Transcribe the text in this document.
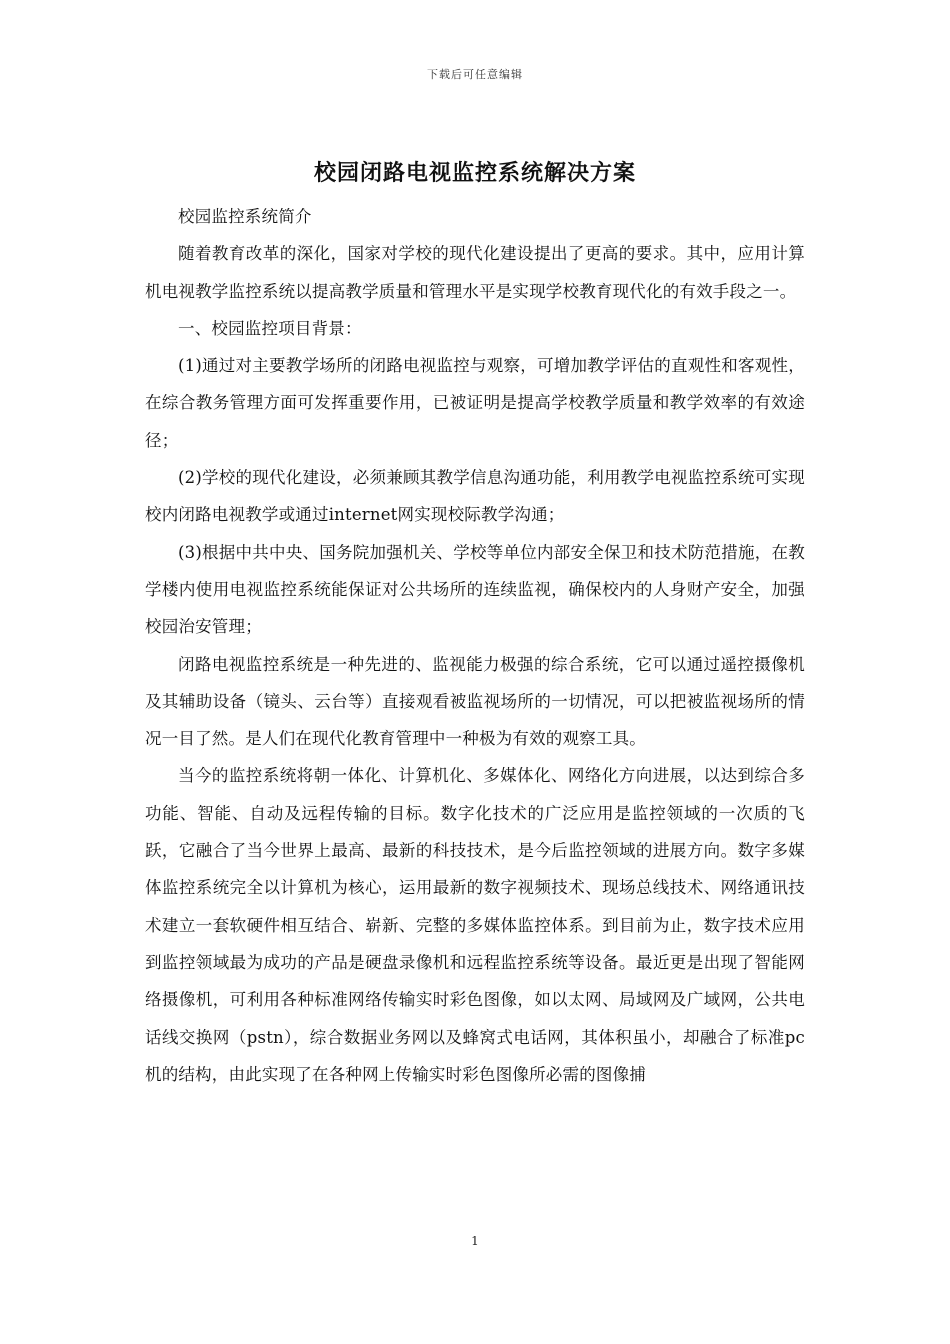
下载后可任意编辑
校园闭路电视监控系统解决方案

校园监控系统简介

随着教育改革的深化，国家对学校的现代化建设提出了更高的要求。其中，应用计算机电视教学监控系统以提高教学质量和管理水平是实现学校教育现代化的有效手段之一。

一、校园监控项目背景：

(1)通过对主要教学场所的闭路电视监控与观察，可增加教学评估的直观性和客观性，在综合教务管理方面可发挥重要作用，已被证明是提高学校教学质量和教学效率的有效途径；

(2)学校的现代化建设，必须兼顾其教学信息沟通功能，利用教学电视监控系统可实现校内闭路电视教学或通过internet网实现校际教学沟通；

(3)根据中共中央、国务院加强机关、学校等单位内部安全保卫和技术防范措施，在教学楼内使用电视监控系统能保证对公共场所的连续监视，确保校内的人身财产安全，加强校园治安管理；

闭路电视监控系统是一种先进的、监视能力极强的综合系统，它可以通过遥控摄像机及其辅助设备（镜头、云台等）直接观看被监视场所的一切情况，可以把被监视场所的情况一目了然。是人们在现代化教育管理中一种极为有效的观察工具。

当今的监控系统将朝一体化、计算机化、多媒体化、网络化方向进展，以达到综合多功能、智能、自动及远程传输的目标。数字化技术的广泛应用是监控领域的一次质的飞跃，它融合了当今世界上最高、最新的科技技术，是今后监控领域的进展方向。数字多媒体监控系统完全以计算机为核心，运用最新的数字视频技术、现场总线技术、网络通讯技术建立一套软硬件相互结合、崭新、完整的多媒体监控体系。到目前为止，数字技术应用到监控领域最为成功的产品是硬盘录像机和远程监控系统等设备。最近更是出现了智能网络摄像机，可利用各种标准网络传输实时彩色图像，如以太网、局域网及广域网，公共电话线交换网（pstn），综合数据业务网以及蜂窝式电话网，其体积虽小，却融合了标准pc机的结构，由此实现了在各种网上传输实时彩色图像所必需的图像捕

1
